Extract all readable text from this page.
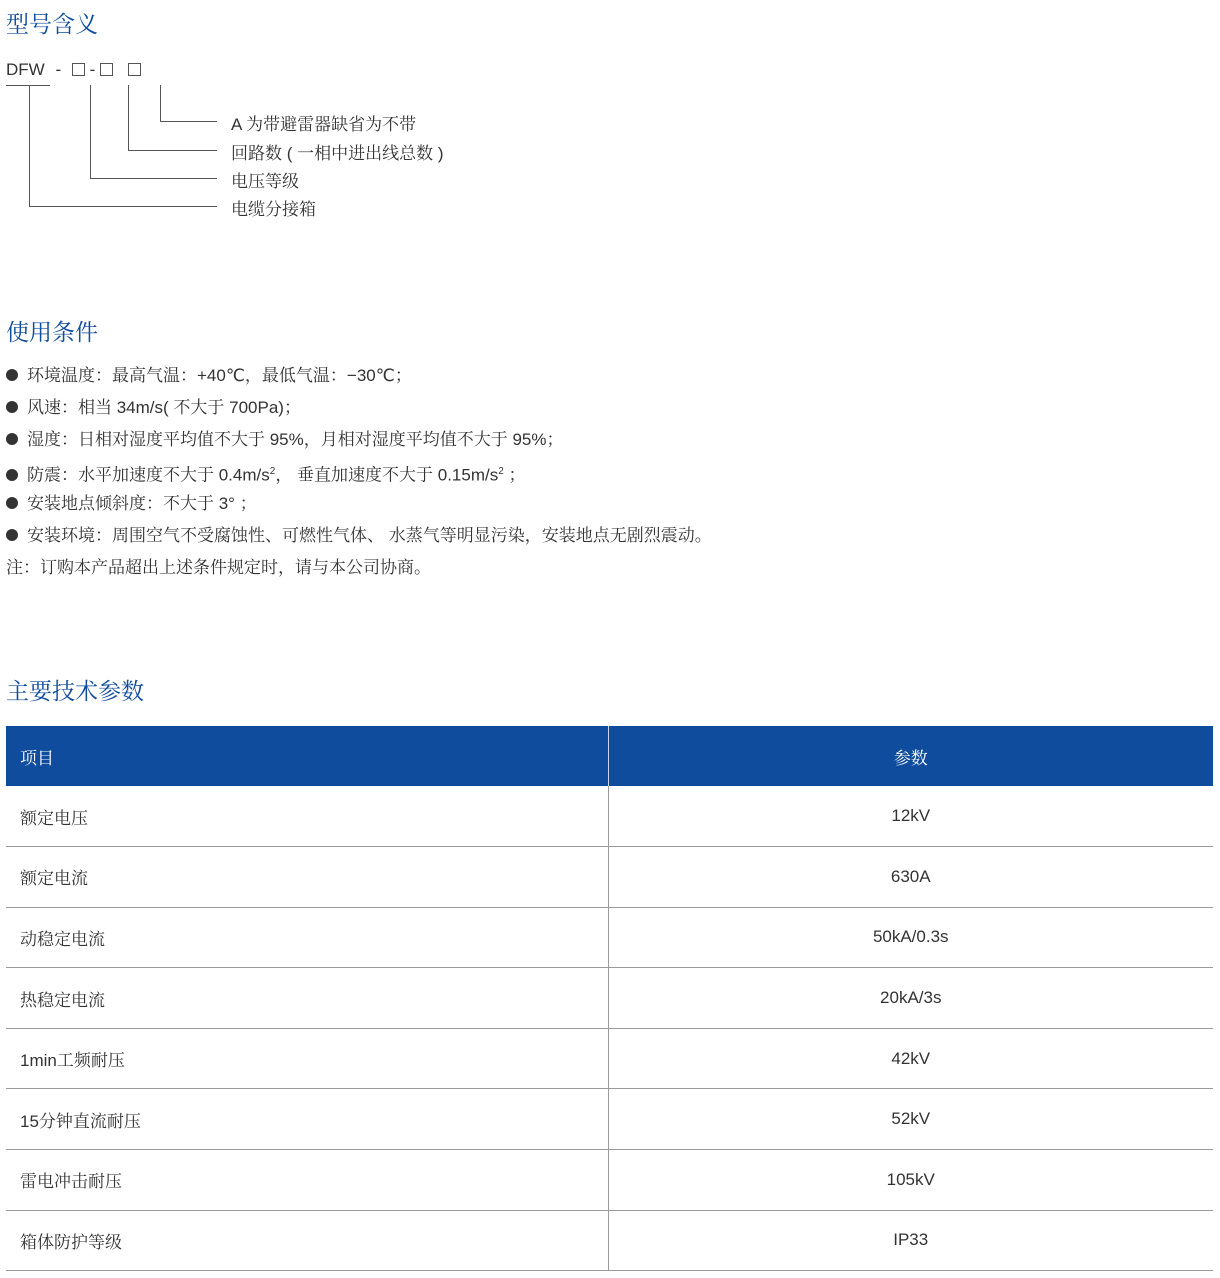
型号含义
DFW - -
A 为带避雷器缺省为不带
回路数 ( 一相中进出线总数 )
电压等级
电缆分接箱
使用条件
环境温度：最高气温：+40℃，最低气温：−30℃；
风速：相当 34m/s( 不大于 700Pa)；
湿度：日相对湿度平均值不大于 95%，月相对湿度平均值不大于 95%；
防震：水平加速度不大于 $0.4m/s^2$， 垂直加速度不大于 $0.15m/s^2$ ；
安装地点倾斜度：不大于 3° ；
安装环境：周围空气不受腐蚀性、可燃性气体、 水蒸气等明显污染，安装地点无剧烈震动。
注：订购本产品超出上述条件规定时，请与本公司协商。
主要技术参数
项目	参数
额定电压	12kV
额定电流	630A
动稳定电流	50kA/0.3s
热稳定电流	20kA/3s
1min工频耐压	42kV
15分钟直流耐压	52kV
雷电冲击耐压	105kV
箱体防护等级	IP33
